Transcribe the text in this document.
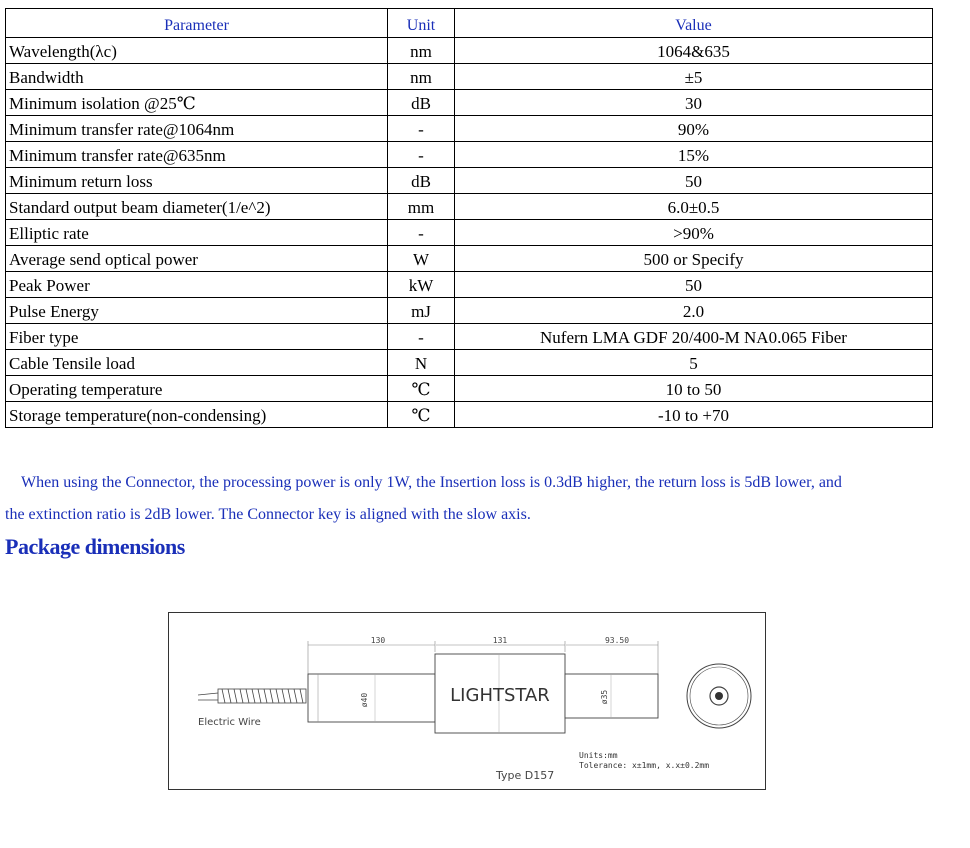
Parameter	Unit	Value
Wavelength(λc)	nm	1064&635
Bandwidth	nm	±5
Minimum isolation @25℃	dB	30
Minimum transfer rate@1064nm	-	90%
Minimum transfer rate@635nm	-	15%
Minimum return loss	dB	50
Standard output beam diameter(1/e^2)	mm	6.0±0.5
Elliptic rate	-	>90%
Average send optical power	W	500 or Specify
Peak Power	kW	50
Pulse Energy	mJ	2.0
Fiber type	-	Nufern LMA GDF 20/400-M NA0.065 Fiber
Cable Tensile load	N	5
Operating temperature	℃	10 to 50
Storage temperature(non-condensing)	℃	-10 to +70
When using the Connector, the processing power is only 1W, the Insertion loss is 0.3dB higher, the return loss is 5dB lower, and
the extinction ratio is 2dB lower. The Connector key is aligned with the slow axis.
Package dimensions
130	131	93.50
Electric Wire
ø40	LIGHTSTAR	ø35
Type D157
Units:mm
Tolerance: x±1mm, x.x±0.2mm
